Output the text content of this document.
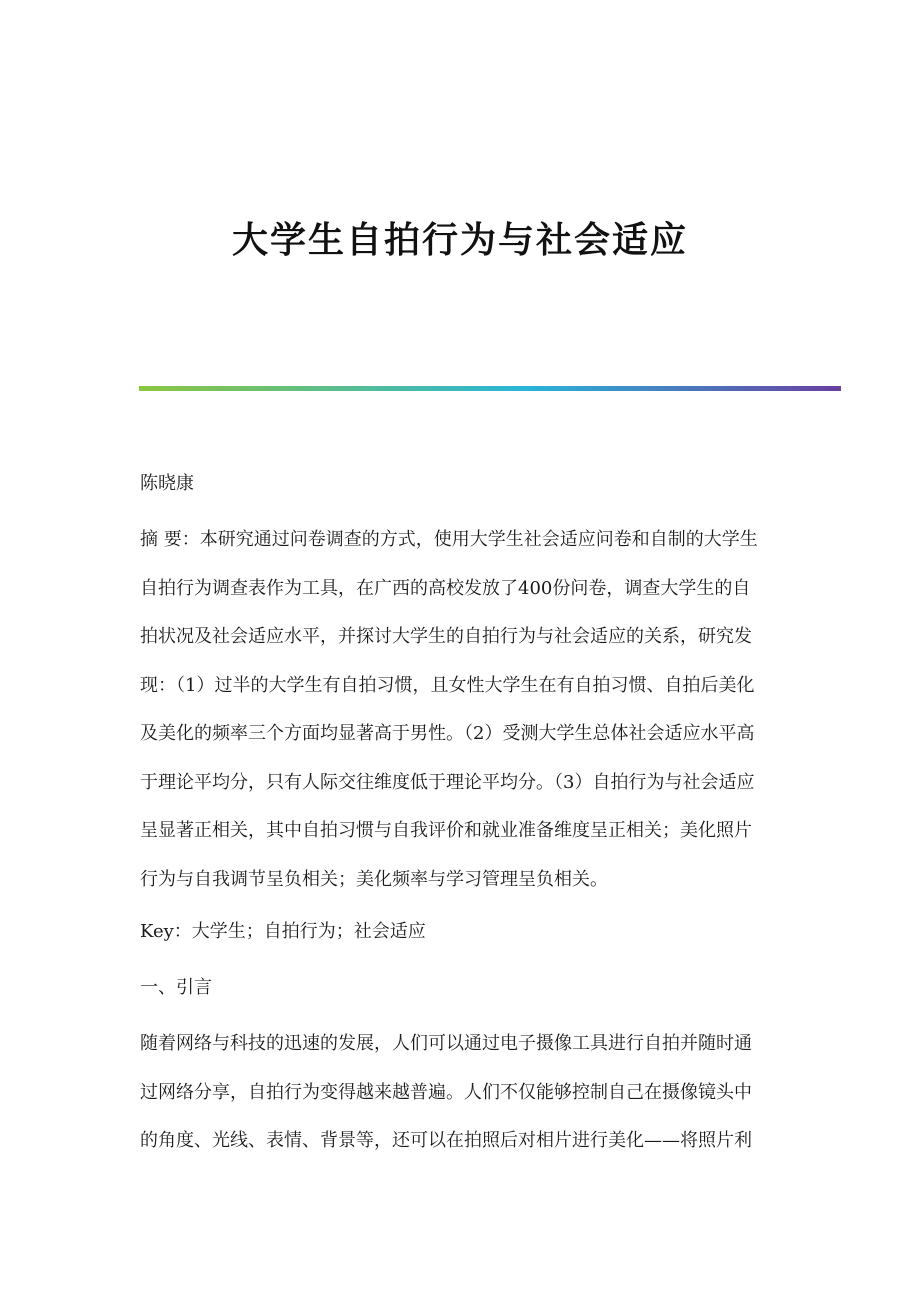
大学生自拍行为与社会适应
陈晓康
摘 要：本研究通过问卷调查的方式，使用大学生社会适应问卷和自制的大学生
自拍行为调查表作为工具，在广西的高校发放了400份问卷，调查大学生的自
拍状况及社会适应水平，并探讨大学生的自拍行为与社会适应的关系，研究发
现：（1）过半的大学生有自拍习惯，且女性大学生在有自拍习惯、自拍后美化
及美化的频率三个方面均显著高于男性。（2）受测大学生总体社会适应水平高
于理论平均分，只有人际交往维度低于理论平均分。（3）自拍行为与社会适应
呈显著正相关，其中自拍习惯与自我评价和就业准备维度呈正相关；美化照片
行为与自我调节呈负相关；美化频率与学习管理呈负相关。
Key：大学生；自拍行为；社会适应
一、引言
随着网络与科技的迅速的发展，人们可以通过电子摄像工具进行自拍并随时通
过网络分享，自拍行为变得越来越普遍。人们不仅能够控制自己在摄像镜头中
的角度、光线、表情、背景等，还可以在拍照后对相片进行美化——将照片利
